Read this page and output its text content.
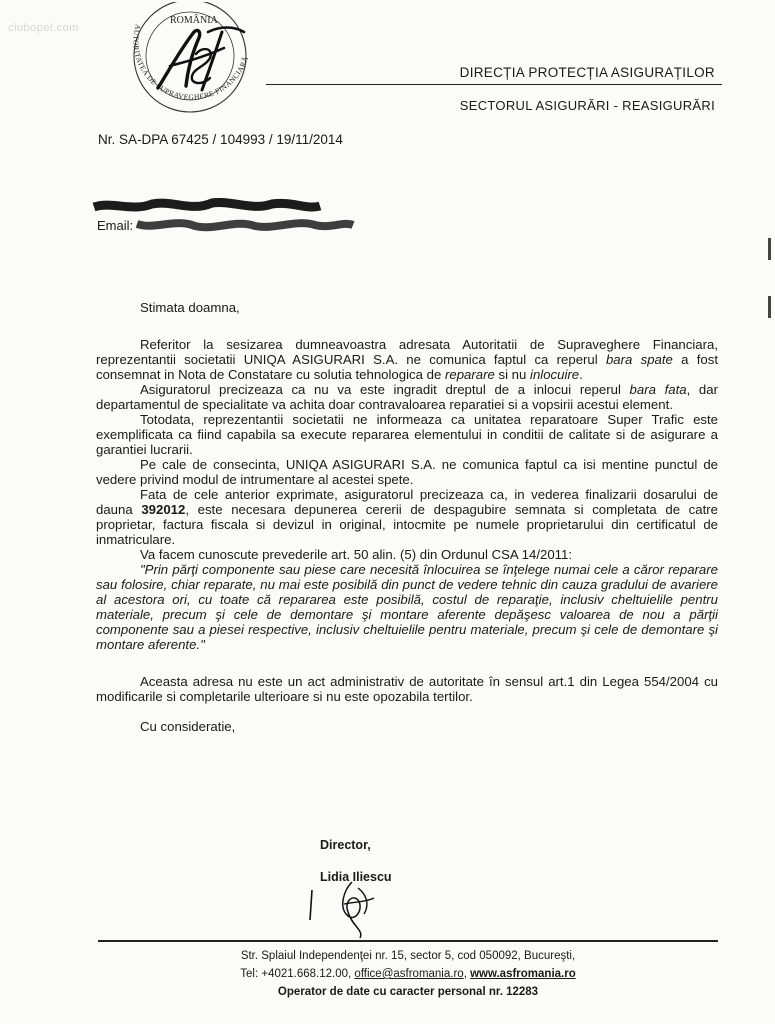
clubopel.com
ROMÂNIA
AUTORITATEA DE SUPRAVEGHERE FINANCIARĂ
DIRECȚIA PROTECȚIA ASIGURAȚILOR
SECTORUL ASIGURĂRI - REASIGURĂRI
Nr. SA-DPA 67425 / 104993 / 19/11/2014
Email:

Stimata doamna,

Referitor la sesizarea dumneavoastra adresata Autoritatii de Supraveghere Financiara, reprezentantii societatii UNIQA ASIGURARI S.A. ne comunica faptul ca reperul bara spate a fost consemnat in Nota de Constatare cu solutia tehnologica de reparare si nu inlocuire.

Asiguratorul precizeaza ca nu va este ingradit dreptul de a inlocui reperul bara fata, dar departamentul de specialitate va achita doar contravaloarea reparatiei si a vopsirii acestui element.

Totodata, reprezentantii societatii ne informeaza ca unitatea reparatoare Super Trafic este exemplificata ca fiind capabila sa execute repararea elementului in conditii de calitate si de asigurare a garantiei lucrarii.

Pe cale de consecinta, UNIQA ASIGURARI S.A. ne comunica faptul ca isi mentine punctul de vedere privind modul de intrumentare al acestei spete.

Fata de cele anterior exprimate, asiguratorul precizeaza ca, in vederea finalizarii dosarului de dauna 392012, este necesara depunerea cererii de despagubire semnata si completata de catre proprietar, factura fiscala si devizul in original, intocmite pe numele proprietarului din certificatul de inmatriculare.

Va facem cunoscute prevederile art. 50 alin. (5) din Ordunul CSA 14/2011:

"Prin părţi componente sau piese care necesită înlocuirea se înţelege numai cele a căror reparare sau folosire, chiar reparate, nu mai este posibilă din punct de vedere tehnic din cauza gradului de avariere al acestora ori, cu toate că repararea este posibilă, costul de reparaţie, inclusiv cheltuielile pentru materiale, precum şi cele de demontare şi montare aferente depăşesc valoarea de nou a părţii componente sau a piesei respective, inclusiv cheltuielile pentru materiale, precum şi cele de demontare şi montare aferente."

Aceasta adresa nu este un act administrativ de autoritate în sensul art.1 din Legea 554/2004 cu modificarile si completarile ulterioare si nu este opozabila tertilor.

Cu consideratie,

Director,
Lidia Iliescu
Str. Splaiul Independenţei nr. 15, sector 5, cod 050092, Bucureşti,
Tel: +4021.668.12.00, office@asfromania.ro, www.asfromania.ro
Operator de date cu caracter personal nr. 12283
